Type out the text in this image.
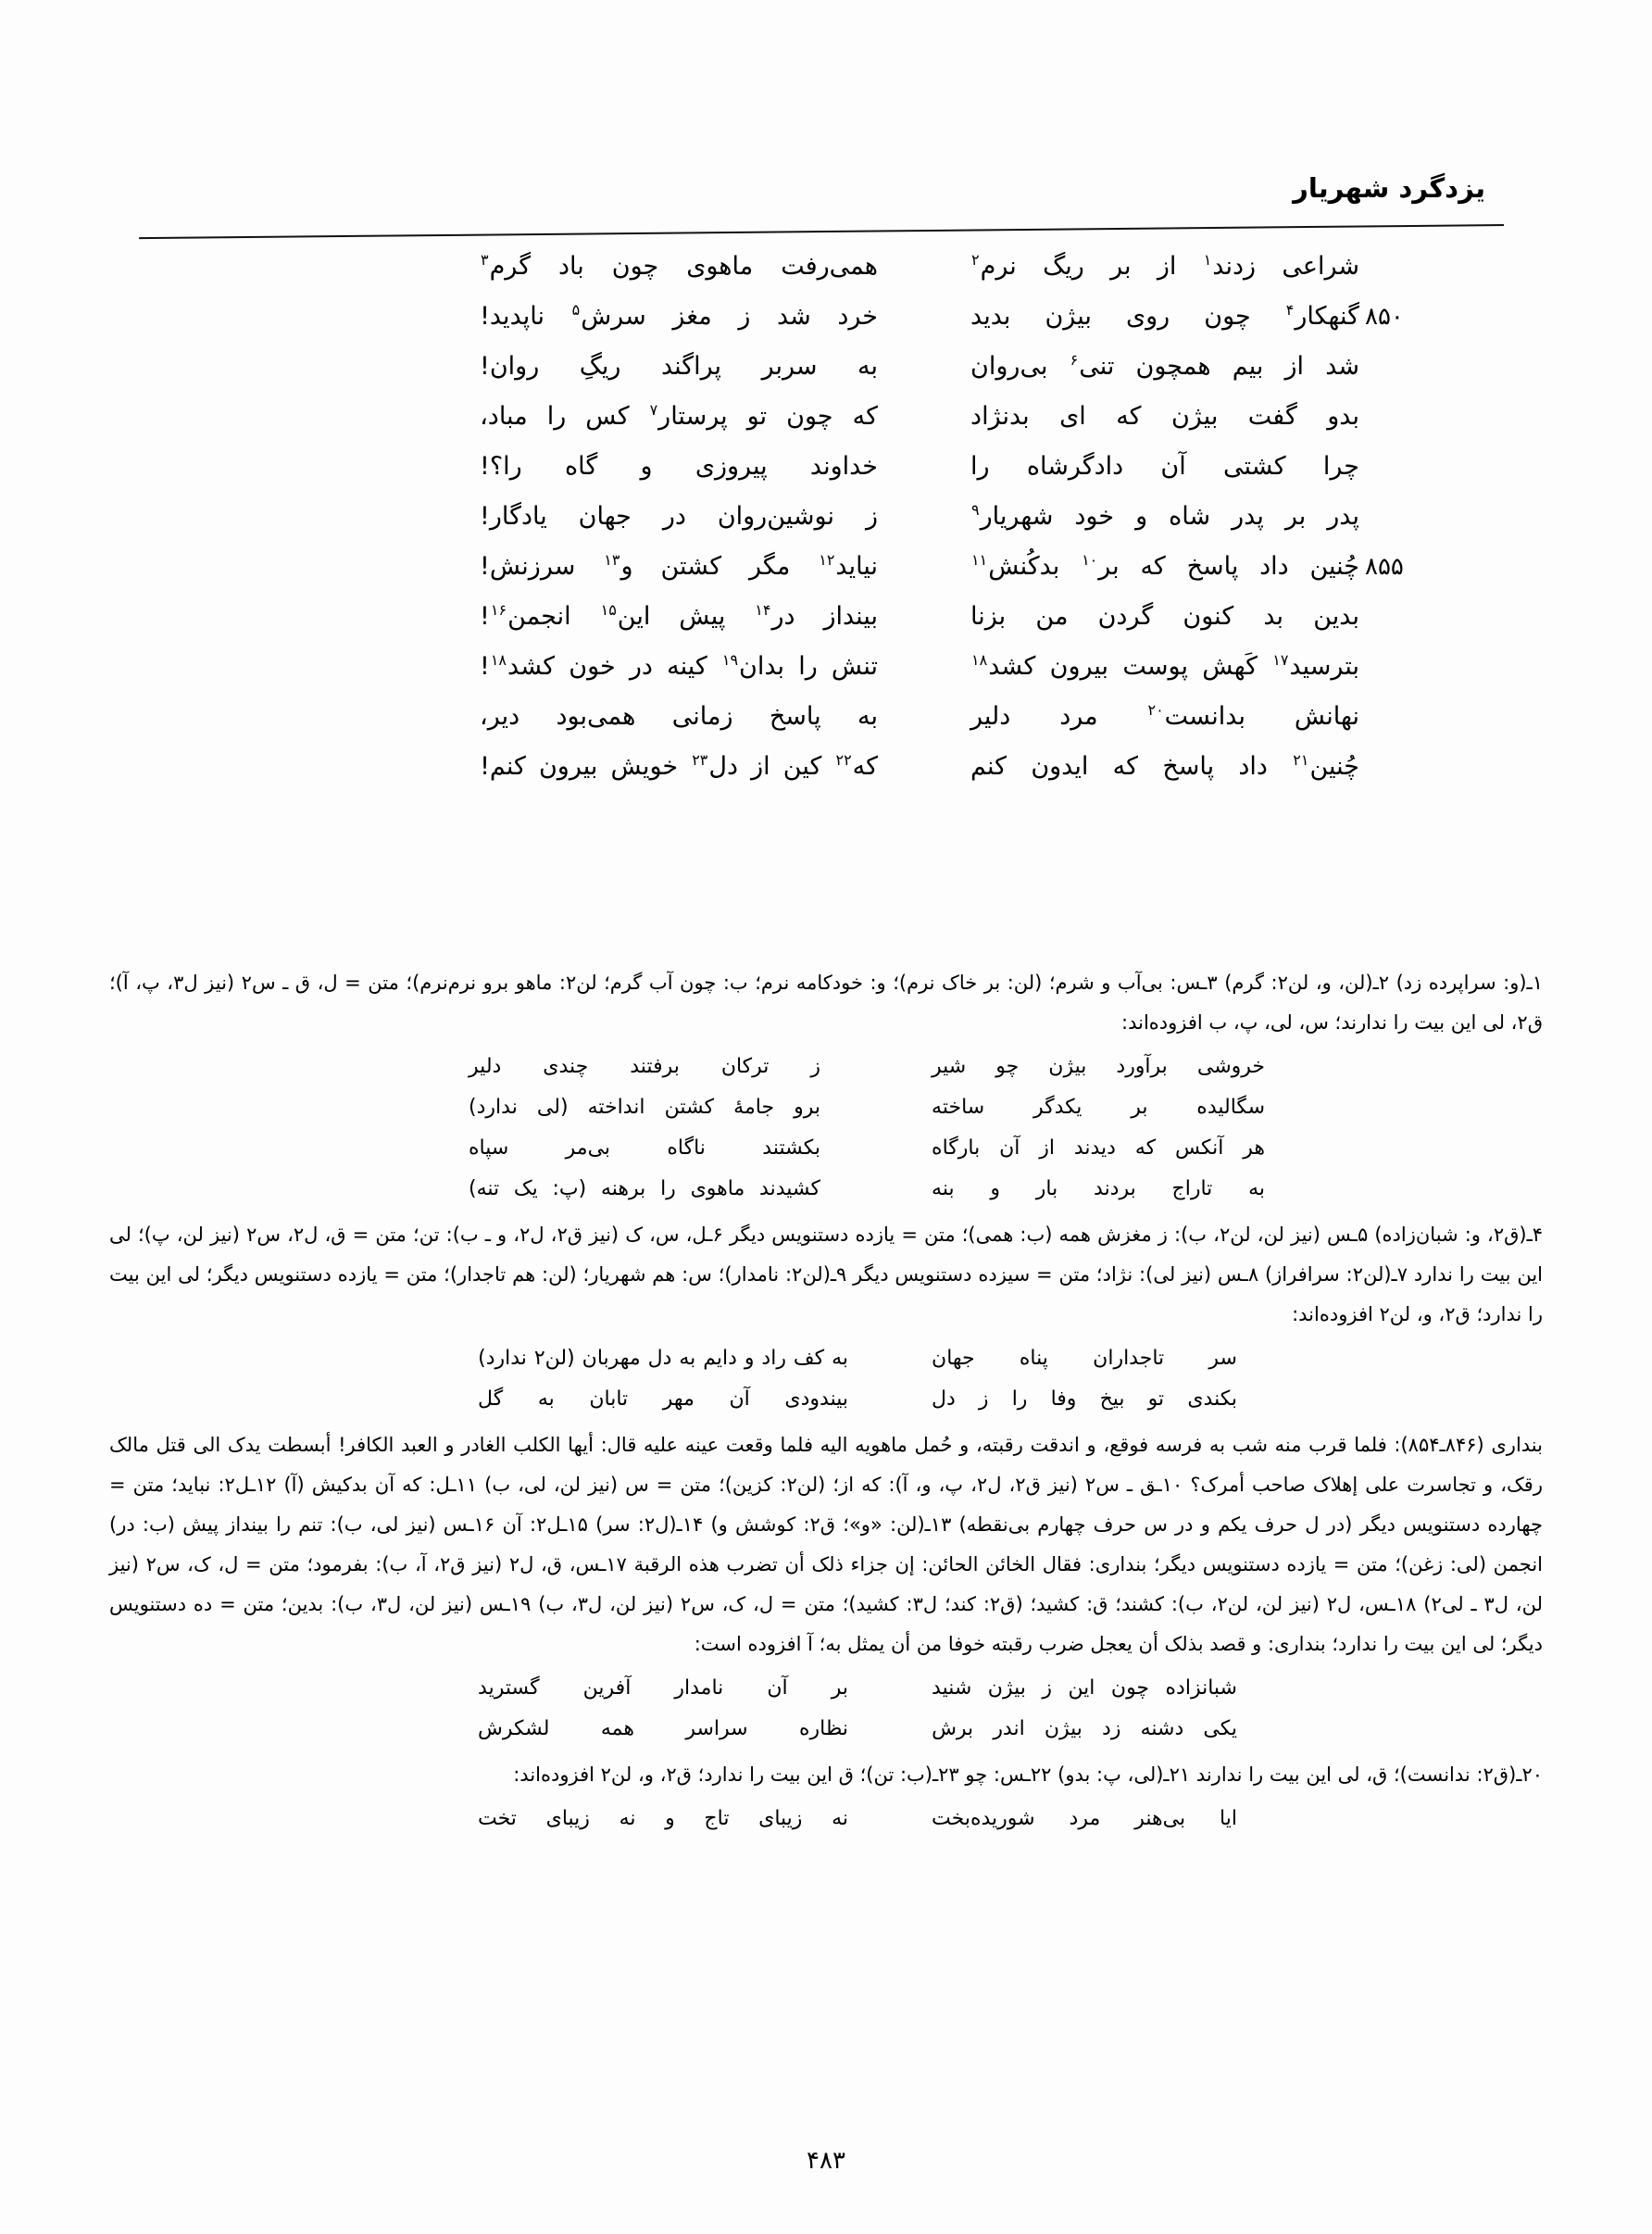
یزدگرد شهریار
شراعی
زدند$^۱$
از
بر
ریگ
نرم$^۲$
همی‌رفت
ماهوی
چون
باد
گرم$^۳$
۸۵۰
گنهکار$^۴$
چون
روی
بیژن
بدید
خرد
شد
ز
مغز
سرش$^۵$
ناپدید!
شد
از
بیم
همچون
تنی$^۶$
بی‌روان
به
سربر
پراگند
ریگِ
روان!
بدو
گفت
بیژن
که
ای
بدنژاد
که
چون
تو
پرستار$^۷$
کس
را
مباد،
چرا
کشتی
آن
دادگرشاه
را
خداوند
پیروزی
و
گاه
را؟!
پدر
بر
پدر
شاه
و
خود
شهریار$^۹$
ز
نوشین‌روان
در
جهان
یادگار!
۸۵۵
چُنین
داد
پاسخ
که
بر$^{۱۰}$
بدکُنش$^{۱۱}$
نیاید$^{۱۲}$
مگر
کشتن
و$^{۱۳}$
سرزنش!
بدین
بد
کنون
گردن
من
بزنا
بینداز
در$^{۱۴}$
پیش
این$^{۱۵}$
انجمن$^{۱۶}$!
بترسید$^{۱۷}$
کَهش
پوست
بیرون
کشد$^{۱۸}$
تنش
را
بدان$^{۱۹}$
کینه
در
خون
کشد$^{۱۸}$!
نهانش
بدانست$^{۲۰}$
مرد
دلیر
به
پاسخ
زمانی
همی‌بود
دیر،
چُنین$^{۲۱}$
داد
پاسخ
که
ایدون
کنم
که$^{۲۲}$
کین
از
دل$^{۲۳}$
خویش
بیرون
کنم!

۱ـ(و: سراپرده زد) ۲ـ(لن، و، لن۲: گرم) ۳ـس: بی‌آب و شرم؛ (لن: بر خاک نرم)؛ و: خودکامه نرم؛ ب: چون آب گرم؛ لن۲: ماهو برو نرم‌نرم)؛ متن = ل، ق ـ س۲ (نیز ل۳، پ، آ)؛ ق۲، لی این بیت را ندارند؛ س، لی، پ، ب افزوده‌اند:

خروشی
برآورد
بیژن
چو
شیر
ز
ترکان
برفتند
چندی
دلیر
سگالیده
بر
یکدگر
ساخته
برو
جامهٔ
کشتن
انداخته
(لی
ندارد)
هر
آنکس
که
دیدند
از
آن
بارگاه
بکشتند
ناگاه
بی‌مر
سپاه
به
تاراج
بردند
بار
و
بنه
کشیدند
ماهوی
را
برهنه
(پ:
یک
تنه)

۴ـ(ق۲، و: شبان‌زاده) ۵ـس (نیز لن، لن۲، ب): ز مغزش همه (ب: همی)؛ متن = یازده دستنویس دیگر ۶ـل، س، ک (نیز ق۲، ل۲، و ـ ب): تن؛ متن = ق، ل۲، س۲ (نیز لن، پ)؛ لی این بیت را ندارد ۷ـ(لن۲: سرافراز) ۸ـس (نیز لی): نژاد؛ متن = سیزده دستنویس دیگر ۹ـ(لن۲: نامدار)؛ س: هم شهریار؛ (لن: هم تاجدار)؛ متن = یازده دستنویس دیگر؛ لی این بیت را ندارد؛ ق۲، و، لن۲ افزوده‌اند:

سر
تاجداران
پناه
جهان
به
کف
راد
و
دایم
به
دل
مهربان
(لن۲
ندارد)
بکندی
تو
بیخ
وفا
را
ز
دل
بیندودی
آن
مهر
تابان
به
گل

بنداری (۸۴۶ـ۸۵۴): فلما قرب منه شب به فرسه فوقع، و اندقت رقبته، و حُمل ماهویه الیه فلما وقعت عینه علیه قال: أیها الکلب الغادر و العبد الکافر! أبسطت یدک الی قتل مالک رقک، و تجاسرت علی إهلاک صاحب أمرک؟ ۱۰ـق ـ س۲ (نیز ق۲، ل۲، پ، و، آ): که از؛ (لن۲: کزین)؛ متن = س (نیز لن، لی، ب) ۱۱ـل: که آن بدکیش (آ) ۱۲ـل۲: نباید؛ متن = چهارده دستنویس دیگر (در ل حرف یکم و در س حرف چهارم بی‌نقطه) ۱۳ـ(لن: «و»؛ ق۲: کوشش و) ۱۴ـ(ل۲: سر) ۱۵ـل۲: آن ۱۶ـس (نیز لی، ب): تنم را بینداز پیش (ب: در) انجمن (لی: زغن)؛ متن = یازده دستنویس دیگر؛ بنداری: فقال الخائن الحائن: إن جزاء ذلک أن تضرب هذه الرقبة ۱۷ـس، ق، ل۲ (نیز ق۲، آ، ب): بفرمود؛ متن = ل، ک، س۲ (نیز لن، ل۳ ـ لی۲) ۱۸ـس، ل۲ (نیز لن، لن۲، ب): کشند؛ ق: کشید؛ (ق۲: کند؛ ل۳: کشید)؛ متن = ل، ک، س۲ (نیز لن، ل۳، ب) ۱۹ـس (نیز لن، ل۳، ب): بدین؛ متن = ده دستنویس دیگر؛ لی این بیت را ندارد؛ بنداری: و قصد بذلک أن یعجل ضرب رقبته خوفا من أن یمثل به؛ آ افزوده است:

شبانزاده
چون
این
ز
بیژن
شنید
بر
آن
نامدار
آفرین
گسترید
یکی
دشنه
زد
بیژن
اندر
برش
نظاره
سراسر
همه
لشکرش

۲۰ـ(ق۲: ندانست)؛ ق، لی این بیت را ندارند ۲۱ـ(لی، پ: بدو) ۲۲ـس: چو ۲۳ـ(ب: تن)؛ ق این بیت را ندارد؛ ق۲، و، لن۲ افزوده‌اند:

ایا
بی‌هنر
مرد
شوریده‌بخت
نه
زیبای
تاج
و
نه
زیبای
تخت
۴۸۳
